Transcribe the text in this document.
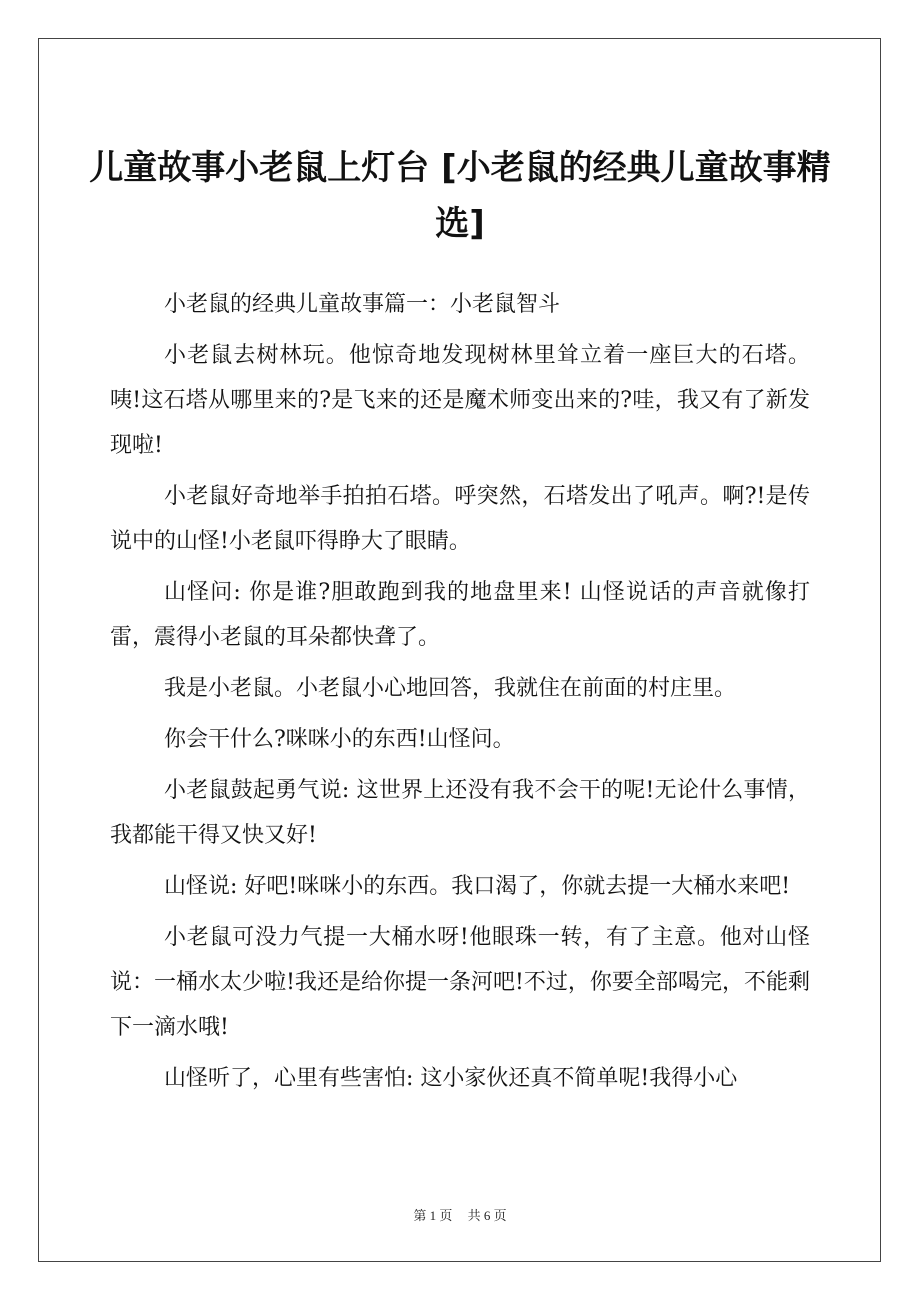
儿童故事小老鼠上灯台 [小老鼠的经典儿童故事精选]

小老鼠的经典儿童故事篇一：小老鼠智斗

小老鼠去树林玩。他惊奇地发现树林里耸立着一座巨大的石塔。咦!这石塔从哪里来的?是飞来的还是魔术师变出来的?哇，我又有了新发现啦!

小老鼠好奇地举手拍拍石塔。呼突然，石塔发出了吼声。啊?!是传说中的山怪!小老鼠吓得睁大了眼睛。

山怪问: 你是谁?胆敢跑到我的地盘里来! 山怪说话的声音就像打雷，震得小老鼠的耳朵都快聋了。

我是小老鼠。小老鼠小心地回答，我就住在前面的村庄里。

你会干什么?咪咪小的东西!山怪问。

小老鼠鼓起勇气说: 这世界上还没有我不会干的呢!无论什么事情，我都能干得又快又好!

山怪说: 好吧!咪咪小的东西。我口渴了，你就去提一大桶水来吧!

小老鼠可没力气提一大桶水呀!他眼珠一转，有了主意。他对山怪说：一桶水太少啦!我还是给你提一条河吧!不过，你要全部喝完，不能剩下一滴水哦!

山怪听了，心里有些害怕: 这小家伙还真不简单呢!我得小心

第 1 页 共 6 页
